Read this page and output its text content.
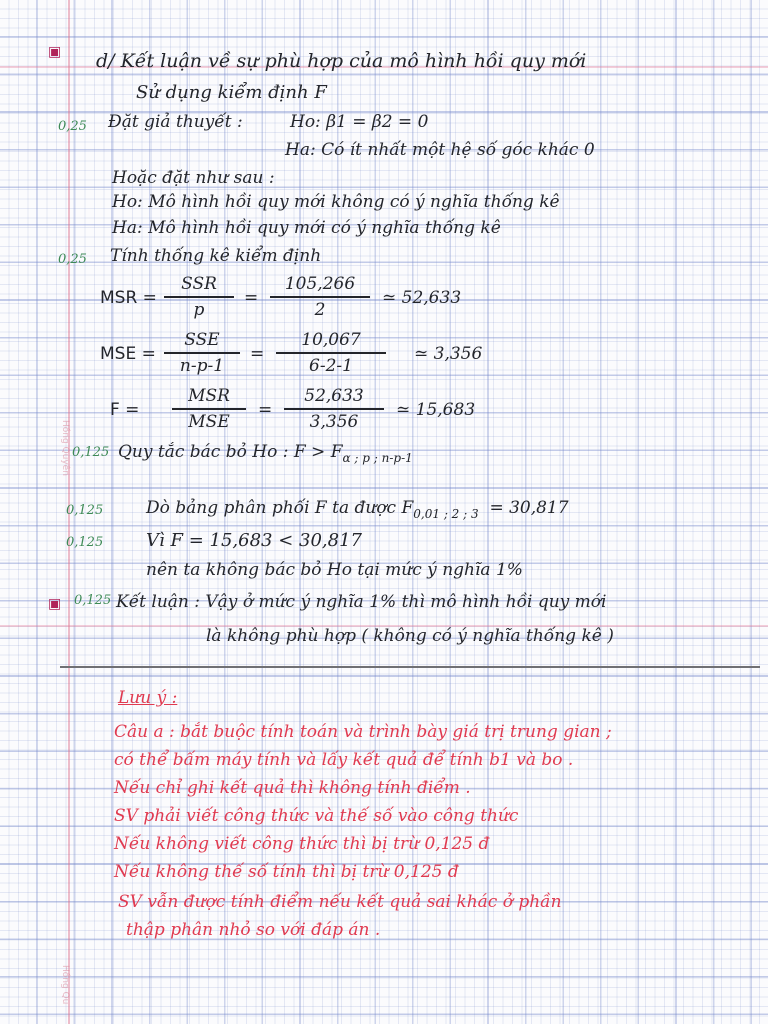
▣
▣
Hồng Quyên
Hồng Qu
d/ Kết luận về sự phù hợp của mô hình hồi quy mới
Sử dụng kiểm định F
0,25 Đặt giả thuyết :	Ho: β1 = β2 = 0
Ha: Có ít nhất một hệ số góc khác 0
Hoặc đặt như sau :
Ho: Mô hình hồi quy mới không có ý nghĩa thống kê
Ha: Mô hình hồi quy mới có ý nghĩa thống kê
0,25 Tính thống kê kiểm định
MSR =
SSR
p
=
105,266
2
≃ 52,633
MSE =
SSE
n-p-1
=
10,067
6-2-1
≃ 3,356
F =
MSR
MSE
=
52,633
3,356
≃ 15,683
0,125 Quy tắc bác bỏ Ho : $F > F_{\alpha ; p ; n-p-1}$
0,125	Dò bảng phân phối F ta được $F_{0,01 ; 2 ; 3} = 30,817$
0,125 Vì F = 15,683 < 30,817
nên ta không bác bỏ Ho tại mức ý nghĩa 1%
0,125 Kết luận : Vậy ở mức ý nghĩa 1% thì mô hình hồi quy mới
là không phù hợp ( không có ý nghĩa thống kê )
Lưu ý :
Câu a : bắt buộc tính toán và trình bày giá trị trung gian ;
có thể bấm máy tính và lấy kết quả để tính b1 và bo .
Nếu chỉ ghi kết quả thì không tính điểm .
SV phải viết công thức và thế số vào công thức
Nếu không viết công thức thì bị trừ 0,125 đ
Nếu không thế số tính thì bị trừ 0,125 đ
SV vẫn được tính điểm nếu kết quả sai khác ở phần
thập phân nhỏ so với đáp án .
